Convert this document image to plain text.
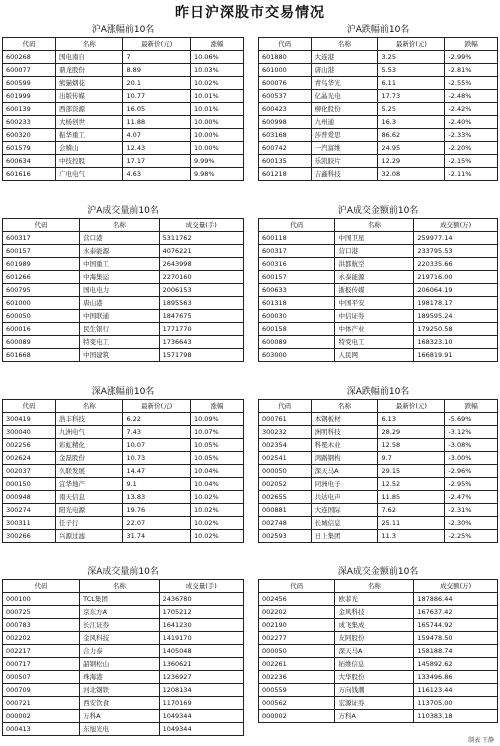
昨日沪深股市交易情况
沪A涨幅前10名
代码	名称	最新价(元)	涨幅
600268	国电南自	7	10.06%
600077	鼎龙股份	8.89	10.03%
600599	熊猫烟花	20.1	10.02%
601999	出版传媒	10.77	10.01%
600139	西部资源	16.05	10.01%
600233	大杨创世	11.88	10.00%
600320	振华重工	4.07	10.00%
601579	会稽山	12.43	10.00%
600634	中技控股	17.17	9.99%
601616	广电电气	4.63	9.98%
沪A跌幅前10名
代码	名称	最新价(元)	跌幅
601880	大连港	3.25	-2.99%
601000	唐山港	5.53	-2.81%
600076	青鸟华光	6.11	-2.55%
600537	亿晶光电	17.73	-2.48%
600423	柳化股份	5.25	-2.42%
600998	九州通	16.3	-2.40%
603168	莎普爱思	86.62	-2.33%
600742	一汽富维	24.95	-2.20%
600135	乐凯胶片	12.29	-2.15%
601218	吉鑫科技	32.08	-2.11%
沪A成交量前10名
代码	名称	成交量(手)
600317	营口港	5311762
600157	永泰能源	4076221
601989	中国重工	2643998
601266	中海集运	2270160
600795	国电电力	2006153
601000	唐山港	1895563
600050	中国联通	1847675
600016	民生银行	1771770
600089	特变电工	1736643
601668	中国建筑	1571798
沪A成交金额前10名
代码	名称	成交额(万)
600118	中国卫星	259977.14
600317	营口港	233795.53
600316	洪都航空	220335.66
600157	永泰能源	219716.00
600633	浙报传媒	206064.19
601318	中国平安	198178.17
600030	中信证券	189595.24
600158	中体产业	179250.58
600089	特变电工	168323.10
603000	人民网	166819.91
深A涨幅前10名
代码	名称	最新价(元)	涨幅
300419	浩丰科技	6.22	10.09%
300040	九洲电气	7.43	10.07%
002256	彩虹精化	10.07	10.05%
002624	金磊股份	10.73	10.05%
002037	久联发展	14.47	10.04%
000150	宜华地产	9.1	10.04%
000948	南天信息	13.83	10.02%
300274	阳光电源	19.76	10.02%
300311	任子行	22.07	10.02%
300266	兴源过滤	31.74	10.02%
深A跌幅前10名
代码	名称	最新价(元)	跌幅
000761	本钢板材	6.13	-5.69%
300232	洲明科技	28.29	-3.12%
002354	科冕木业	12.58	-3.08%
002541	鸿路钢构	9.7	-3.00%
000050	深天马A	29.15	-2.96%
002052	同洲电子	12.52	-2.95%
002655	共达电声	11.85	-2.47%
000881	大连国际	7.62	-2.31%
002748	长城信息	25.11	-2.30%
002593	日上集团	11.3	-2.25%
深A成交量前10名
代码	名称	成交量(手)
000100	TCL集团	2436780
000725	京东方A	1705212
000783	长江证券	1641230
002202	金风科技	1419170
002217	合力泰	1405048
000717	韶钢松山	1360621
000507	珠海港	1236927
000709	河北钢铁	1208134
000721	西安饮食	1170169
000002	万科A	1049344
000413	东旭光电	1049344
深A成交金额前10名
代码	名称	成交额(万)
002456	欧菲光	187886.44
002202	金风科技	167637.42
002190	成飞集成	165744.92
002277	友阿股份	159478.50
000050	深天马A	158188.74
002261	拓维信息	145892.62
002236	大华股份	133496.86
000559	万向钱潮	116123.44
000562	宏源证券	113705.00
000002	万科A	110383.18
制表 王静
